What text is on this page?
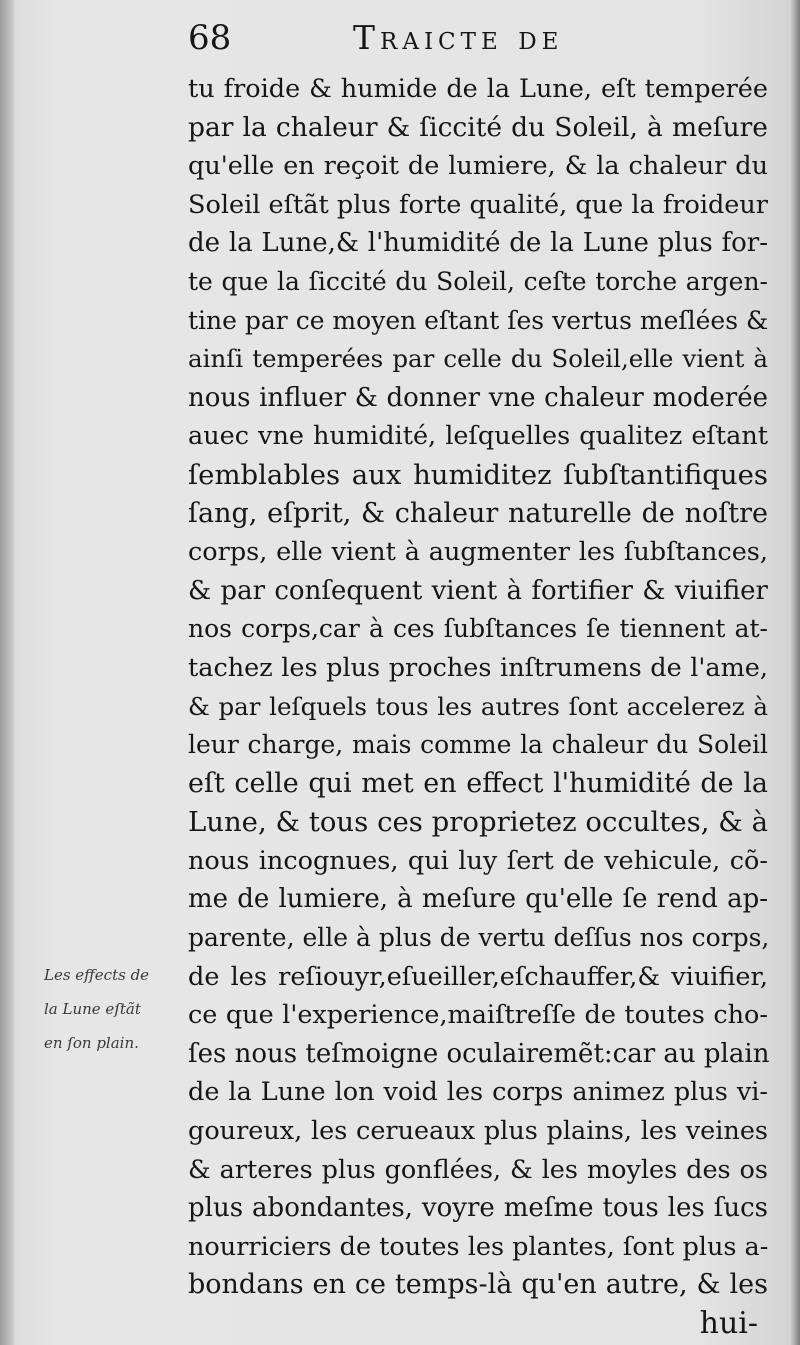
68	Traicte de
tu froide & humide de la Lune, eſt temperée
par la chaleur & ſiccité du Soleil, à meſure
qu'elle en reçoit de lumiere, & la chaleur du
Soleil eſtãt plus forte qualité, que la froideur
de la Lune,& l'humidité de la Lune plus for-
te que la ſiccité du Soleil, ceſte torche argen-
tine par ce moyen eſtant ſes vertus meſlées &
ainſi temperées par celle du Soleil,elle vient à
nous influer & donner vne chaleur moderée
auec vne humidité, leſquelles qualitez eſtant
ſemblables aux humiditez ſubſtantifiques
ſang, eſprit, & chaleur naturelle de noſtre
corps, elle vient à augmenter les ſubſtances,
& par conſequent vient à fortifier & viuifier
nos corps,car à ces ſubſtances ſe tiennent at-
tachez les plus proches inſtrumens de l'ame,
& par leſquels tous les autres ſont accelerez à
leur charge, mais comme la chaleur du Soleil
eſt celle qui met en effect l'humidité de la
Lune, & tous ces proprietez occultes, & à
nous incognues, qui luy ſert de vehicule, cõ-
me de lumiere, à meſure qu'elle ſe rend ap-
parente, elle à plus de vertu deſſus nos corps,
de les reſiouyr,eſueiller,eſchauffer,& viuifier,
ce que l'experience,maiſtreſſe de toutes cho-
ſes nous teſmoigne oculairemẽt:car au plain
de la Lune lon void les corps animez plus vi-
goureux, les cerueaux plus plains, les veines
& arteres plus gonflées, & les moyles des os
plus abondantes, voyre meſme tous les ſucs
nourriciers de toutes les plantes, ſont plus a-
bondans en ce temps-là qu'en autre, & les
hui-
Les effects de
la Lune eſtãt
en ſon plain.
